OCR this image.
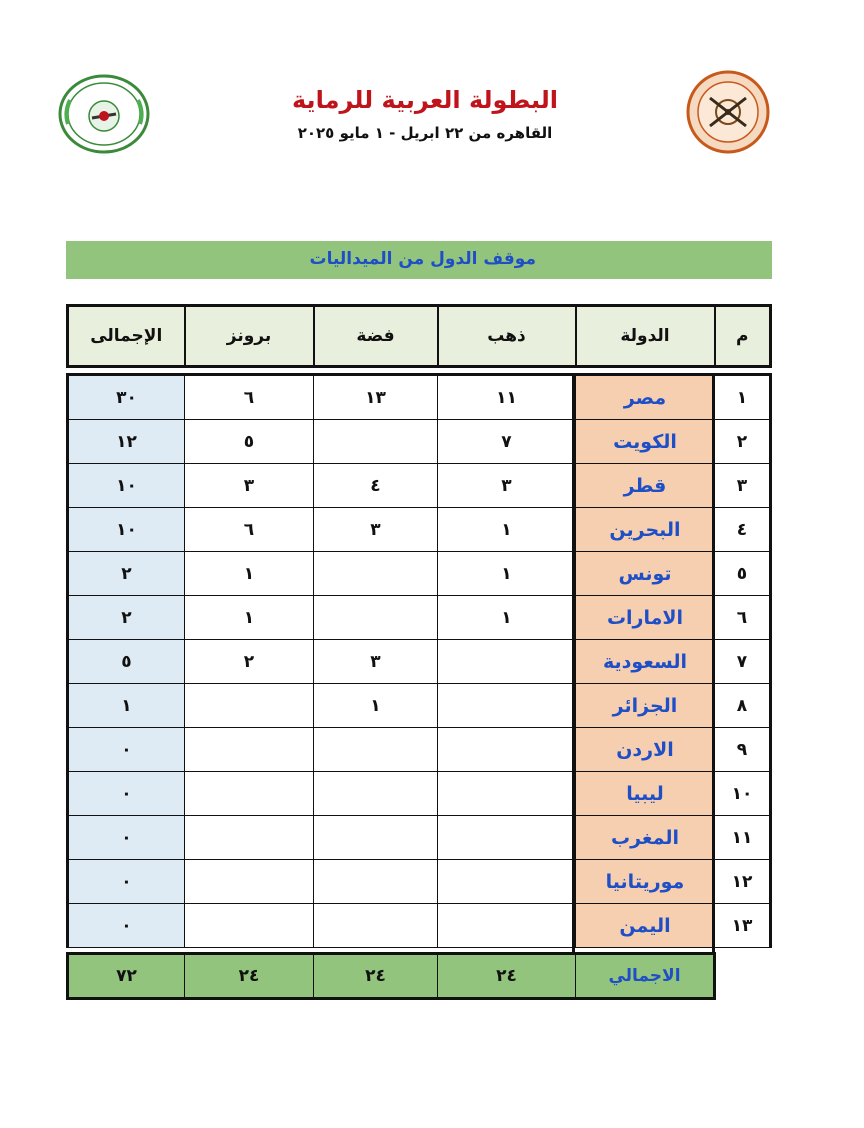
البطولة العربية للرماية
القاهره من ٢٢ ابريل - ١ مايو ٢٠٢٥
موقف الدول من الميداليات
الإجمالى	برونز	فضة	ذهب	الدولة	م
٣٠	٦	١٣	١١	مصر	١
١٢	٥		٧	الكويت	٢
١٠	٣	٤	٣	قطر	٣
١٠	٦	٣	١	البحرين	٤
٢	١		١	تونس	٥
٢	١		١	الامارات	٦
٥	٢	٣		السعودية	٧
١		١		الجزائر	٨
٠				الاردن	٩
٠				ليبيا	١٠
٠				المغرب	١١
٠				موريتانيا	١٢
٠				اليمن	١٣
٧٢	٢٤	٢٤	٢٤	الاجمالي
